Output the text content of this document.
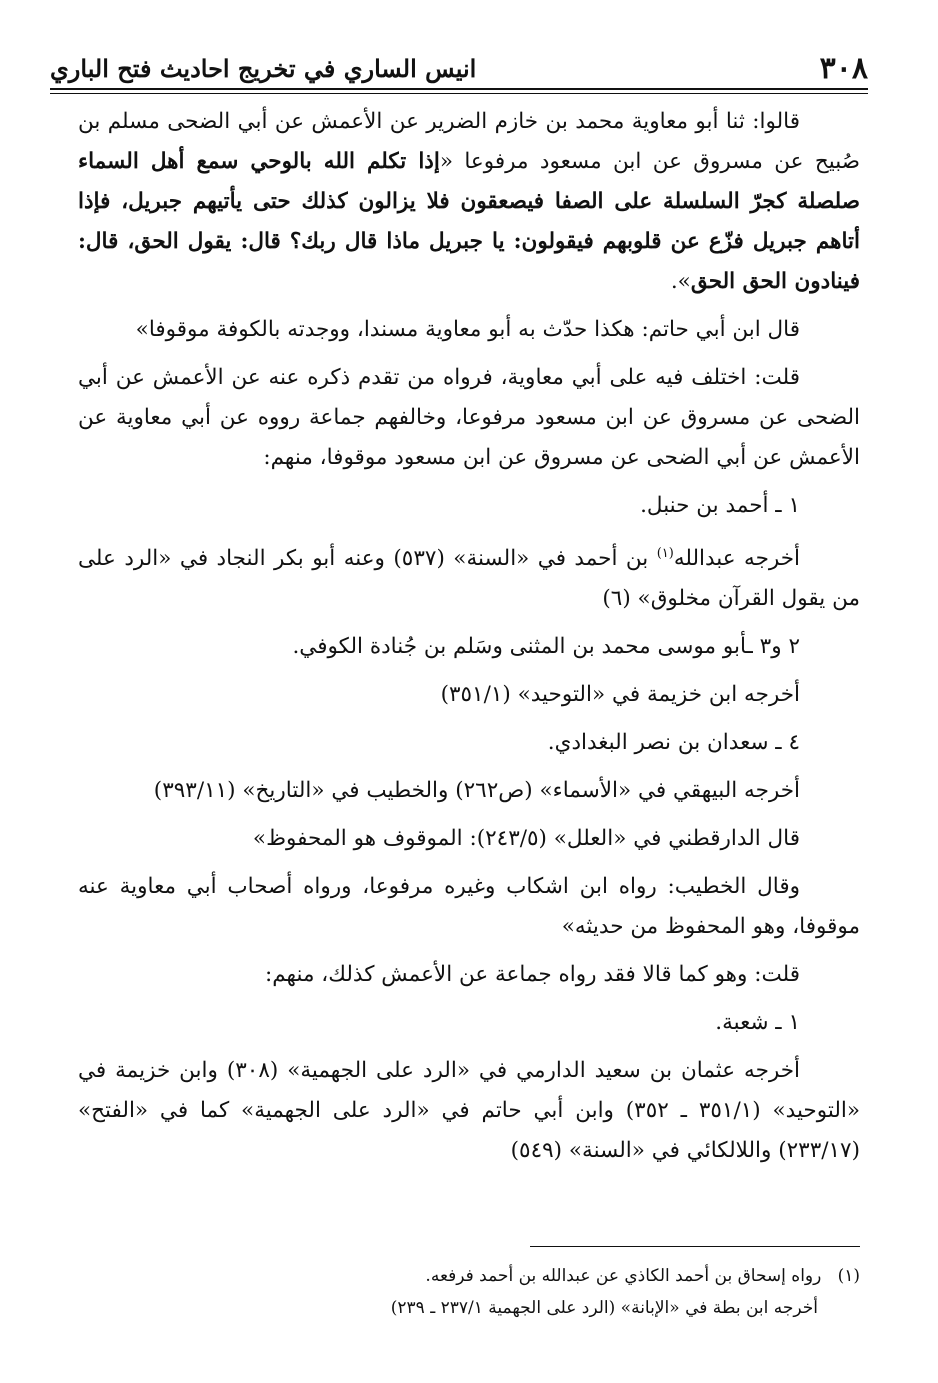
٣٠٨
انيس الساري في تخريج احاديث فتح الباري

قالوا: ثنا أبو معاوية محمد بن خازم الضرير عن الأعمش عن أبي الضحى مسلم بن صُبيح عن مسروق عن ابن مسعود مرفوعا «إذا تكلم الله بالوحي سمع أهل السماء صلصلة كجرّ السلسلة على الصفا فيصعقون فلا يزالون كذلك حتى يأتيهم جبريل، فإذا أتاهم جبريل فزّع عن قلوبهم فيقولون: يا جبريل ماذا قال ربك؟ قال: يقول الحق، قال: فينادون الحق الحق».

قال ابن أبي حاتم: هكذا حدّث به أبو معاوية مسندا، ووجدته بالكوفة موقوفا»

قلت: اختلف فيه على أبي معاوية، فرواه من تقدم ذكره عنه عن الأعمش عن أبي الضحى عن مسروق عن ابن مسعود مرفوعا، وخالفهم جماعة رووه عن أبي معاوية عن الأعمش عن أبي الضحى عن مسروق عن ابن مسعود موقوفا، منهم:

١ ـ أحمد بن حنبل.

أخرجه عبدالله$^{(١)}$ بن أحمد في «السنة» (٥٣٧) وعنه أبو بكر النجاد في «الرد على من يقول القرآن مخلوق» (٦)

٢ و٣ ـأبو موسى محمد بن المثنى وسَلم بن جُنادة الكوفي.

أخرجه ابن خزيمة في «التوحيد» (٣٥١/١)

٤ ـ سعدان بن نصر البغدادي.

أخرجه البيهقي في «الأسماء» (ص٢٦٢) والخطيب في «التاريخ» (٣٩٣/١١)

قال الدارقطني في «العلل» (٢٤٣/٥): الموقوف هو المحفوظ»

وقال الخطيب: رواه ابن اشكاب وغيره مرفوعا، ورواه أصحاب أبي معاوية عنه موقوفا، وهو المحفوظ من حديثه»

قلت: وهو كما قالا فقد رواه جماعة عن الأعمش كذلك، منهم:

١ ـ شعبة.

أخرجه عثمان بن سعيد الدارمي في «الرد على الجهمية» (٣٠٨) وابن خزيمة في «التوحيد» (٣٥١/١ ـ ٣٥٢) وابن أبي حاتم في «الرد على الجهمية» كما في «الفتح» (٢٣٣/١٧) واللالكائي في «السنة» (٥٤٩)

(١)   رواه إسحاق بن أحمد الكاذي عن عبدالله بن أحمد فرفعه.
أخرجه ابن بطة في «الإبانة» (الرد على الجهمية ٢٣٧/١ ـ ٢٣٩)
